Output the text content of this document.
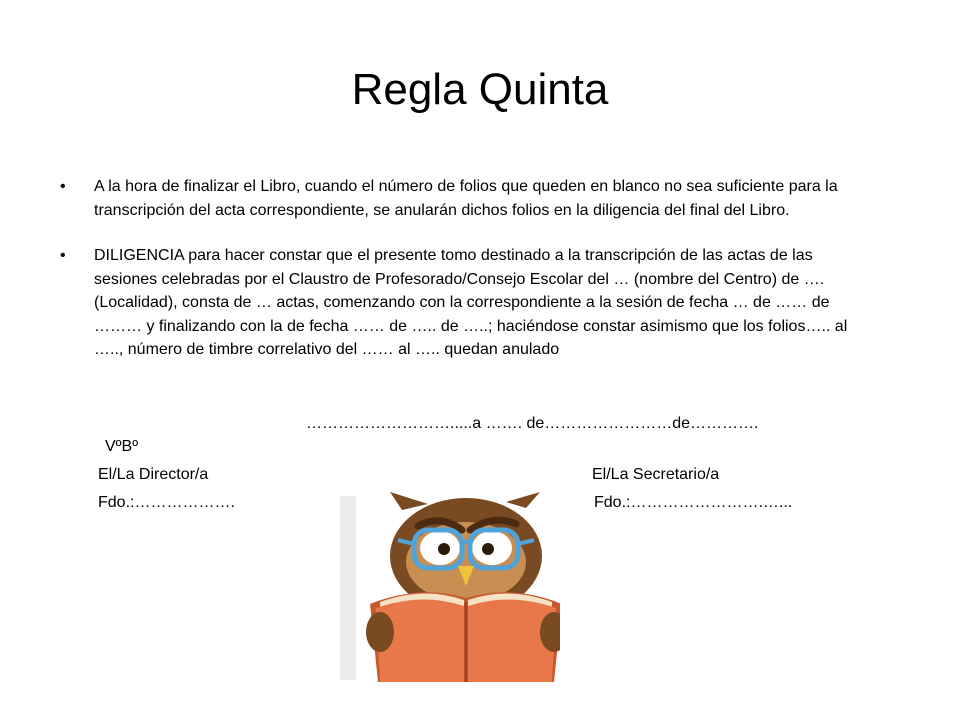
Regla Quinta
•	A la hora de finalizar el Libro, cuando el número de folios que queden en blanco no sea suficiente para la transcripción del acta correspondiente, se anularán dichos folios en la diligencia del final del Libro.
•	DILIGENCIA para hacer constar que el presente tomo destinado a la transcripción de las actas de las sesiones celebradas por el Claustro de Profesorado/Consejo Escolar del … (nombre del Centro) de …. (Localidad), consta de … actas, comenzando con la correspondiente a la sesión de fecha … de …… de ……… y finalizando con la de fecha …… de ….. de …..; haciéndose constar asimismo que los folios….. al ….., número de timbre correlativo del …… al ….. quedan anulado
……………………….....a ……. de……………………de………….
VºBº
El/La Director/a	El/La Secretario/a
Fdo.:……………….	Fdo.:…………………….…...
